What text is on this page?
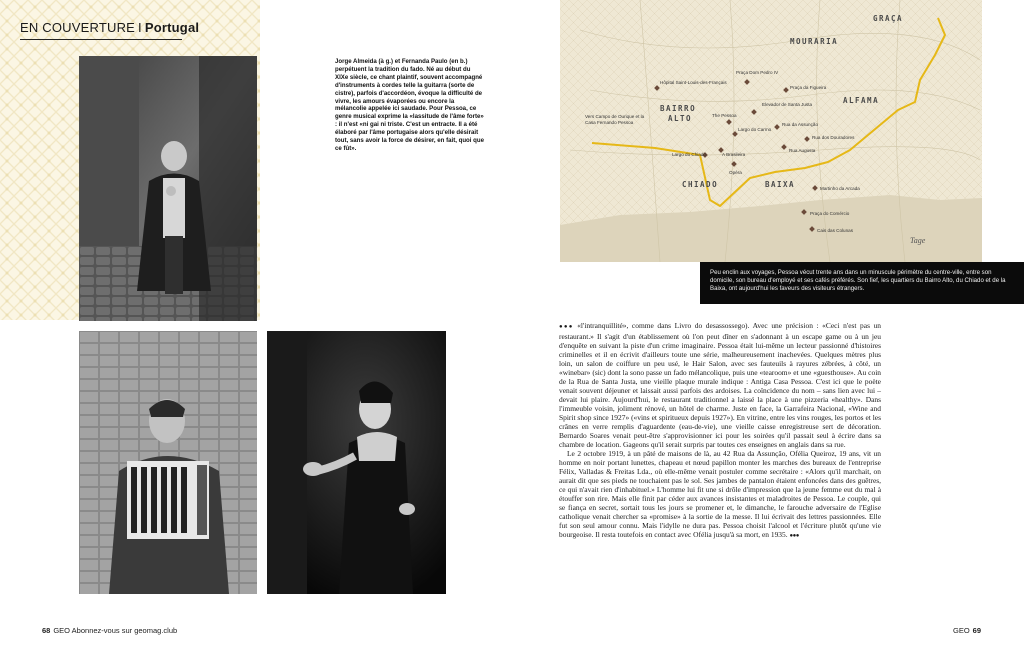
EN COUVERTURE I Portugal
Jorge Almeida (à g.) et Fernanda Paulo (en b.) perpétuent la tradition du fado. Né au début du XIXe siècle, ce chant plaintif, souvent accompagné d'instruments à cordes telle la guitarra (sorte de cistre), parfois d'accordéon, évoque la difficulté de vivre, les amours évaporées ou encore la mélancolie appelée ici saudade. Pour Pessoa, ce genre musical exprime la «lassitude de l'âme forte» : il n'est «ni gai ni triste. C'est un entracte. Il a été élaboré par l'âme portugaise alors qu'elle désirait tout, sans avoir la force de désirer, en fait, quoi que ce fût».
GRAÇA
MOURARIA
ALFAMA
BAIRRO
ALTO
CHIADO	BAIXA
Hôpital Saint-Louis-des-Français
Praça Dom Pedro IV
Praça da Figueira
Elevador de Santa Justa
The Pessoa
Largo do Carmo
Rua da Assunção
Rua dos Douradores
Vers Campo de Ourique et la Casa Fernando Pessoa
Largo do Chiado	A Brasileira
Rua Augusta
Opéra
Martinho da Arcada
Praça do Comércio
Cais das Colunas
Tage
Peu enclin aux voyages, Pessoa vécut trente ans dans un minuscule périmètre du centre-ville, entre son domicile, son bureau d'employé et ses cafés préférés. Son fief, les quartiers du Bairro Alto, du Chiado et de la Baixa, ont aujourd'hui les faveurs des visiteurs étrangers.

●●● «l'intranquillité», comme dans Livro do desassossego). Avec une précision : «Ceci n'est pas un restaurant.» Il s'agit d'un établissement où l'on peut dîner en s'adonnant à un escape game ou à un jeu d'enquête en suivant la piste d'un crime imaginaire. Pessoa était lui-même un lecteur passionné d'histoires criminelles et il en écrivit d'ailleurs toute une série, malheureusement inachevées. Quelques mètres plus loin, un salon de coiffure un peu usé, le Hair Salon, avec ses fauteuils à rayures zébrées, à côté, un «winebar» (sic) dont la sono passe un fado mélancolique, puis une «tearoom» et une «guesthouse». Au coin de la Rua de Santa Justa, une vieille plaque murale indique : Antiga Casa Pessoa. C'est ici que le poète venait souvent déjeuner et laissait aussi parfois des ardoises. La coïncidence du nom – sans lien avec lui – devait lui plaire. Aujourd'hui, le restaurant traditionnel a laissé la place à une pizzeria «healthy». Dans l'immeuble voisin, joliment rénové, un hôtel de charme. Juste en face, la Garrafeira Nacional, «Wine and Spirit shop since 1927» («vins et spiritueux depuis 1927»). En vitrine, entre les vins rouges, les portos et les crânes en verre remplis d'aguardente (eau-de-vie), une vieille caisse enregistreuse sert de décoration. Bernardo Soares venait peut-être s'approvisionner ici pour les soirées qu'il passait seul à écrire dans sa chambre de location. Gageons qu'il serait surpris par toutes ces enseignes en anglais dans sa rue.

Le 2 octobre 1919, à un pâté de maisons de là, au 42 Rua da Assunção, Ofélia Queiroz, 19 ans, vit un homme en noir portant lunettes, chapeau et nœud papillon monter les marches des bureaux de l'entreprise Félix, Valladas & Freitas Lda., où elle-même venait postuler comme secrétaire : «Alors qu'il marchait, on aurait dit que ses pieds ne touchaient pas le sol. Ses jambes de pantalon étaient enfoncées dans des guêtres, ce qui n'avait rien d'inhabituel.» L'homme lui fit une si drôle d'impression que la jeune femme eut du mal à étouffer son rire. Mais elle finit par céder aux avances insistantes et maladroites de Pessoa. Le couple, qui se fiança en secret, sortait tous les jours se promener et, le dimanche, le farouche adversaire de l'Eglise catholique venait chercher sa «promise» à la sortie de la messe. Il lui écrivait des lettres passionnées. Elle fut son seul amour connu. Mais l'idylle ne dura pas. Pessoa choisit l'alcool et l'écriture plutôt qu'une vie bourgeoise. Il resta toutefois en contact avec Ofélia jusqu'à sa mort, en 1935. ●●●

68 GEO Abonnez-vous sur geomag.club	GEO 69
